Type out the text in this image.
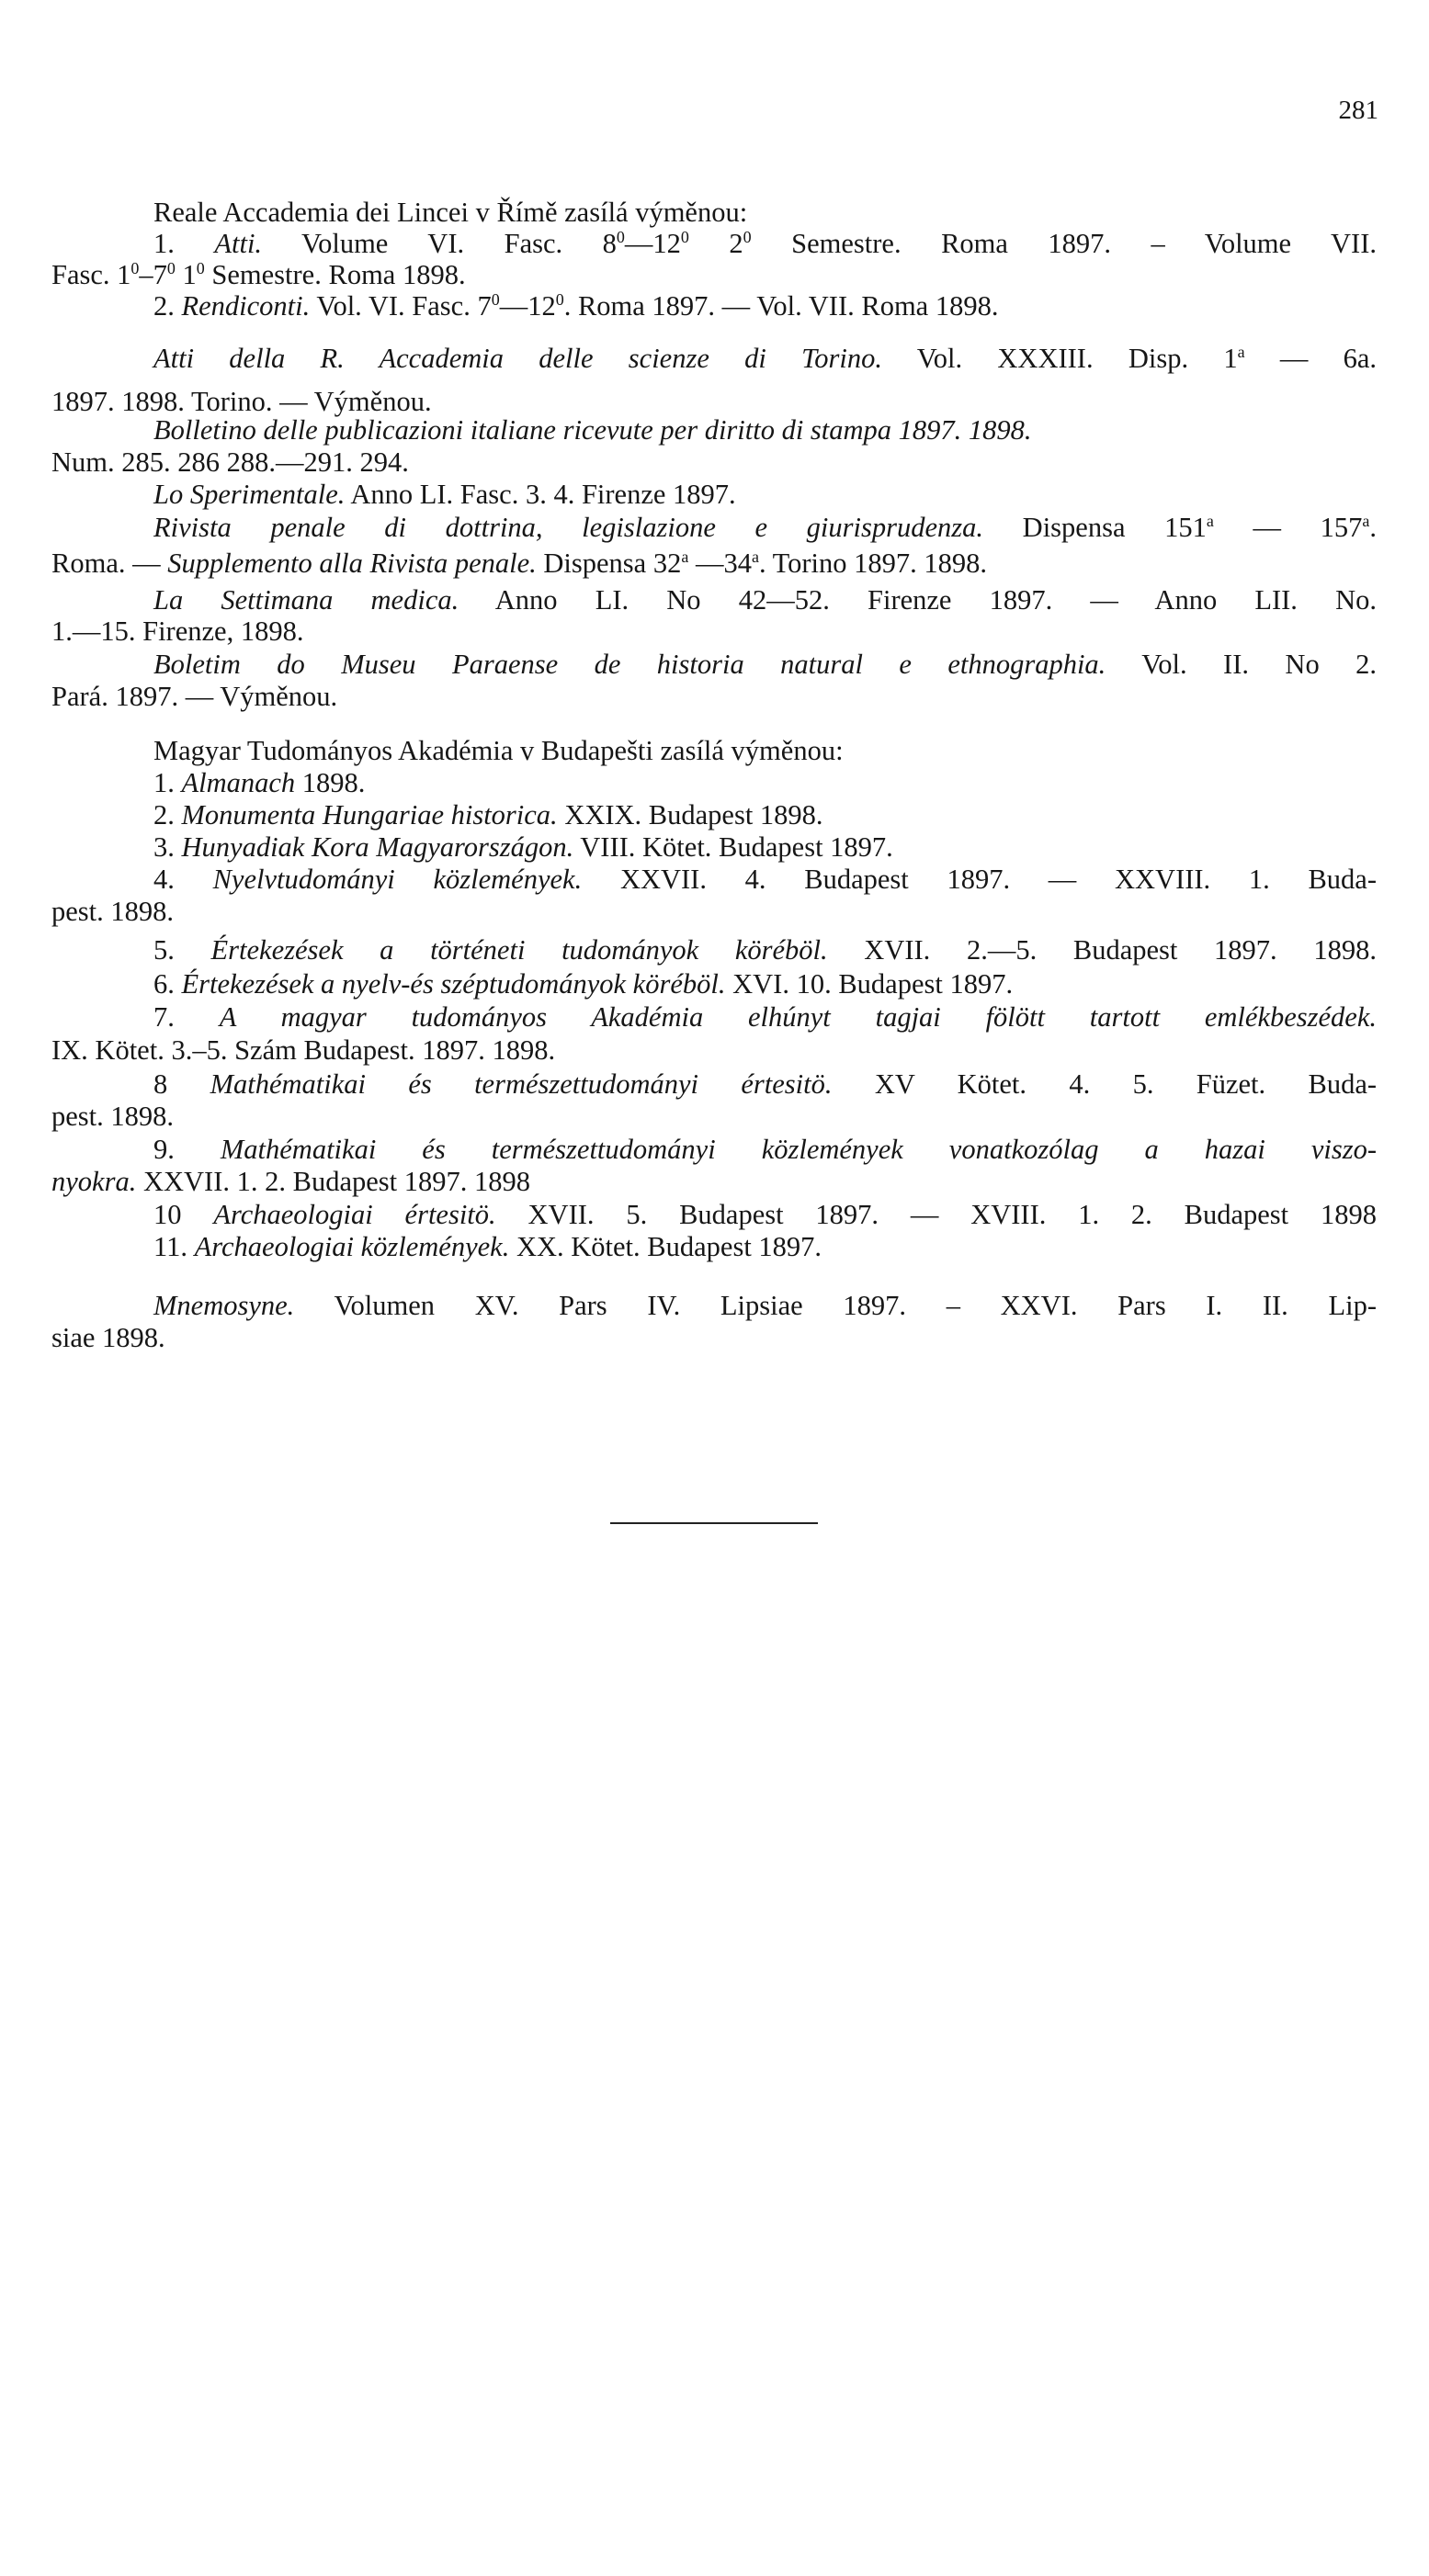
281
Reale Accademia dei Lincei v Římě zasílá výměnou:
1. Atti. Volume VI. Fasc. $8^0—12^0$ $2^0$ Semestre. Roma 1897. – Volume VII.
Fasc. $1^0-7^0$ $1^0$ Semestre. Roma 1898.
2. Rendiconti. Vol. VI. Fasc. $7^0—12^0$. Roma 1897. — Vol. VII. Roma 1898.
Atti della R. Accademia delle scienze di Torino. Vol. XXXIII. Disp. 1$^a$ — 6a.
1897. 1898. Torino. — Výměnou.
Bolletino delle publicazioni italiane ricevute per diritto di stampa 1897. 1898.
Num. 285. 286 288.—291. 294.
Lo Sperimentale. Anno LI. Fasc. 3. 4. Firenze 1897.
Rivista penale di dottrina, legislazione e giurisprudenza. Dispensa 151$^a$ — 157$^a$.
Roma. — Supplemento alla Rivista penale. Dispensa 32$^a$ —34$^a$. Torino 1897. 1898.
La Settimana medica. Anno LI. No 42—52. Firenze 1897. — Anno LII. No.
1.—15. Firenze, 1898.
Boletim do Museu Paraense de historia natural e ethnographia. Vol. II. No 2.
Pará. 1897. — Výměnou.
Magyar Tudományos Akadémia v Budapešti zasílá výměnou:
1. Almanach 1898.
2. Monumenta Hungariae historica. XXIX. Budapest 1898.
3. Hunyadiak Kora Magyarországon. VIII. Kötet. Budapest 1897.
4. Nyelvtudományi közlemények. XXVII. 4. Budapest 1897. — XXVIII. 1. Buda-
pest. 1898.
5. Értekezések a történeti tudományok köréböl. XVII. 2.—5. Budapest 1897. 1898.
6. Értekezések a nyelv-és széptudományok köréböl. XVI. 10. Budapest 1897.
7. A magyar tudományos Akadémia elhúnyt tagjai fölött tartott emlékbeszédek.
IX. Kötet. 3.–5. Szám Budapest. 1897. 1898.
8 Mathématikai és természettudományi értesitö. XV Kötet. 4. 5. Füzet. Buda-
pest. 1898.
9. Mathématikai és természettudományi közlemények vonatkozólag a hazai viszo-
nyokra. XXVII. 1. 2. Budapest 1897. 1898
10 Archaeologiai értesitö. XVII. 5. Budapest 1897. — XVIII. 1. 2. Budapest 1898
11. Archaeologiai közlemények. XX. Kötet. Budapest 1897.
Mnemosyne. Volumen XV. Pars IV. Lipsiae 1897. – XXVI. Pars I. II. Lip-
siae 1898.
